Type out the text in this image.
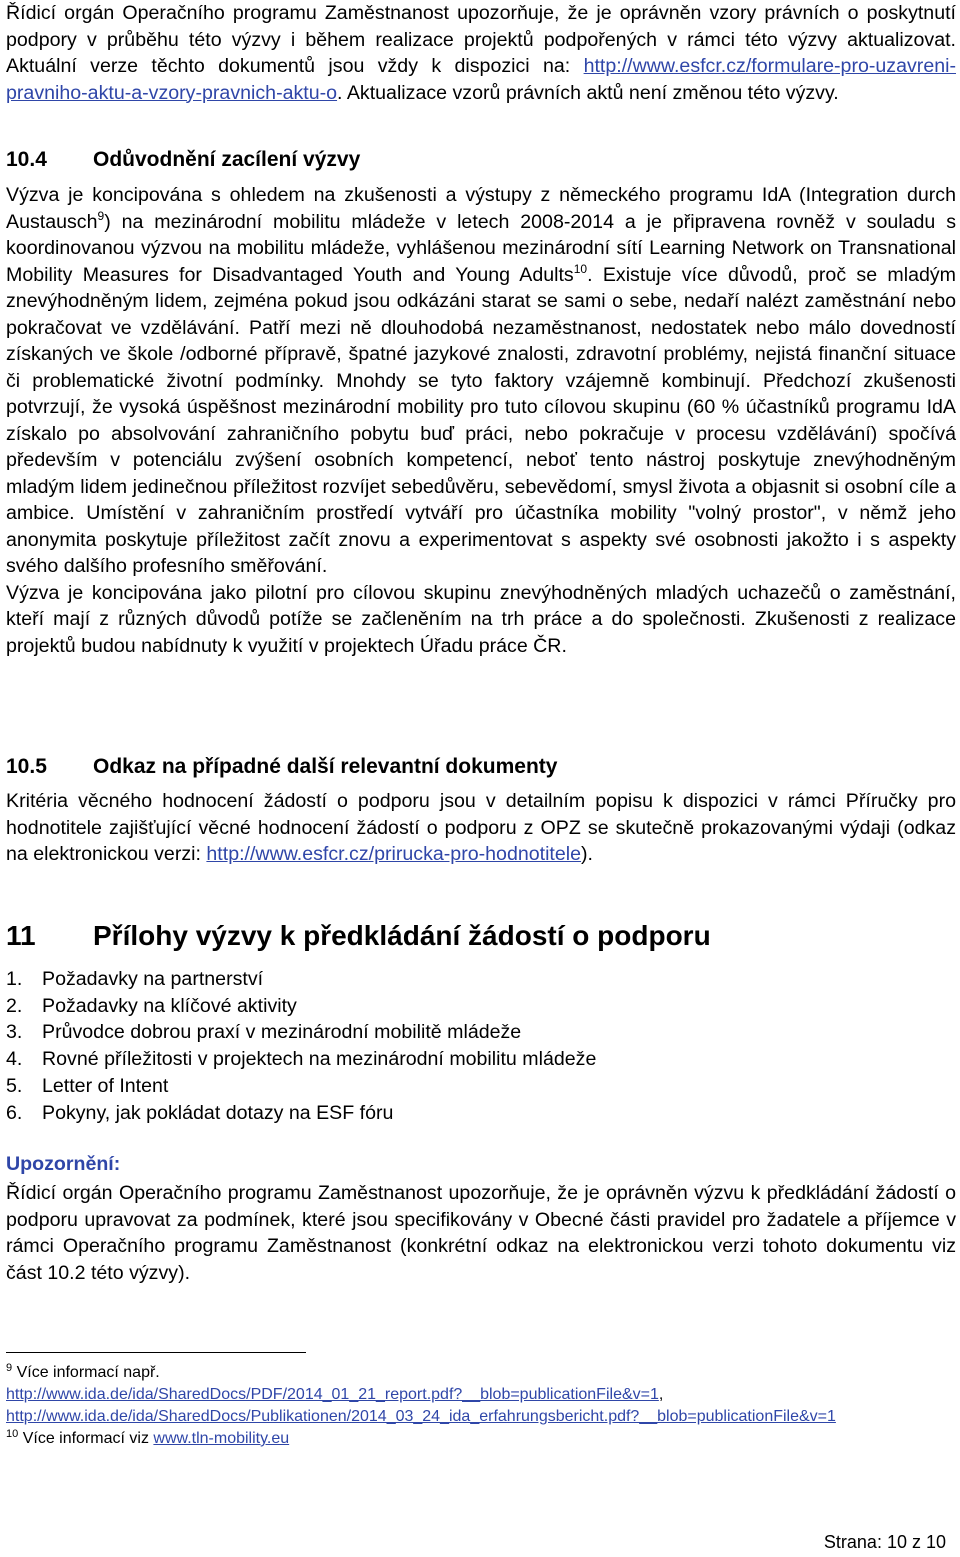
Řídicí orgán Operačního programu Zaměstnanost upozorňuje, že je oprávněn vzory právních o poskytnutí podpory v průběhu této výzvy i během realizace projektů podpořených v rámci této výzvy aktualizovat. Aktuální verze těchto dokumentů jsou vždy k dispozici na: http://www.esfcr.cz/formulare-pro-uzavreni-pravniho-aktu-a-vzory-pravnich-aktu-o. Aktualizace vzorů právních aktů není změnou této výzvy.
10.4 Odůvodnění zacílení výzvy

Výzva je koncipována s ohledem na zkušenosti a výstupy z německého programu IdA (Integration durch Austausch$^9$) na mezinárodní mobilitu mládeže v letech 2008-2014 a je připravena rovněž v souladu s koordinovanou výzvou na mobilitu mládeže, vyhlášenou mezinárodní sítí Learning Network on Transnational Mobility Measures for Disadvantaged Youth and Young Adults$^{10}$. Existuje více důvodů, proč se mladým znevýhodněným lidem, zejména pokud jsou odkázáni starat se sami o sebe, nedaří nalézt zaměstnání nebo pokračovat ve vzdělávání. Patří mezi ně dlouhodobá nezaměstnanost, nedostatek nebo málo dovedností získaných ve škole /odborné přípravě, špatné jazykové znalosti, zdravotní problémy, nejistá finanční situace či problematické životní podmínky. Mnohdy se tyto faktory vzájemně kombinují. Předchozí zkušenosti potvrzují, že vysoká úspěšnost mezinárodní mobility pro tuto cílovou skupinu (60 % účastníků programu IdA získalo po absolvování zahraničního pobytu buď práci, nebo pokračuje v procesu vzdělávání) spočívá především v potenciálu zvýšení osobních kompetencí, neboť tento nástroj poskytuje znevýhodněným mladým lidem jedinečnou příležitost rozvíjet sebedůvěru, sebevědomí, smysl života a objasnit si osobní cíle a ambice. Umístění v zahraničním prostředí vytváří pro účastníka mobility "volný prostor", v němž jeho anonymita poskytuje příležitost začít znovu a experimentovat s aspekty své osobnosti jakožto i s aspekty svého dalšího profesního směřování.

Výzva je koncipována jako pilotní pro cílovou skupinu znevýhodněných mladých uchazečů o zaměstnání, kteří mají z různých důvodů potíže se začleněním na trh práce a do společnosti. Zkušenosti z realizace projektů budou nabídnuty k využití v projektech Úřadu práce ČR.

10.5 Odkaz na případné další relevantní dokumenty
Kritéria věcného hodnocení žádostí o podporu jsou v detailním popisu k dispozici v rámci Příručky pro hodnotitele zajišťující věcné hodnocení žádostí o podporu z OPZ se skutečně prokazovanými výdaji (odkaz na elektronickou verzi: http://www.esfcr.cz/prirucka-pro-hodnotitele).
11 Přílohy výzvy k předkládání žádostí o podporu
1.	Požadavky na partnerství
2.	Požadavky na klíčové aktivity
3.	Průvodce dobrou praxí v mezinárodní mobilitě mládeže
4.	Rovné příležitosti v projektech na mezinárodní mobilitu mládeže
5.	Letter of Intent
6.	Pokyny, jak pokládat dotazy na ESF fóru
Upozornění:
Řídicí orgán Operačního programu Zaměstnanost upozorňuje, že je oprávněn výzvu k předkládání žádostí o podporu upravovat za podmínek, které jsou specifikovány v Obecné části pravidel pro žadatele a příjemce v rámci Operačního programu Zaměstnanost (konkrétní odkaz na elektronickou verzi tohoto dokumentu viz část 10.2 této výzvy).
$^9$ Více informací např.
http://www.ida.de/ida/SharedDocs/PDF/2014_01_21_report.pdf?__blob=publicationFile&v=1,
http://www.ida.de/ida/SharedDocs/Publikationen/2014_03_24_ida_erfahrungsbericht.pdf?__blob=publicationFile&v=1
$^{10}$ Více informací viz www.tln-mobility.eu
Strana: 10 z 10
